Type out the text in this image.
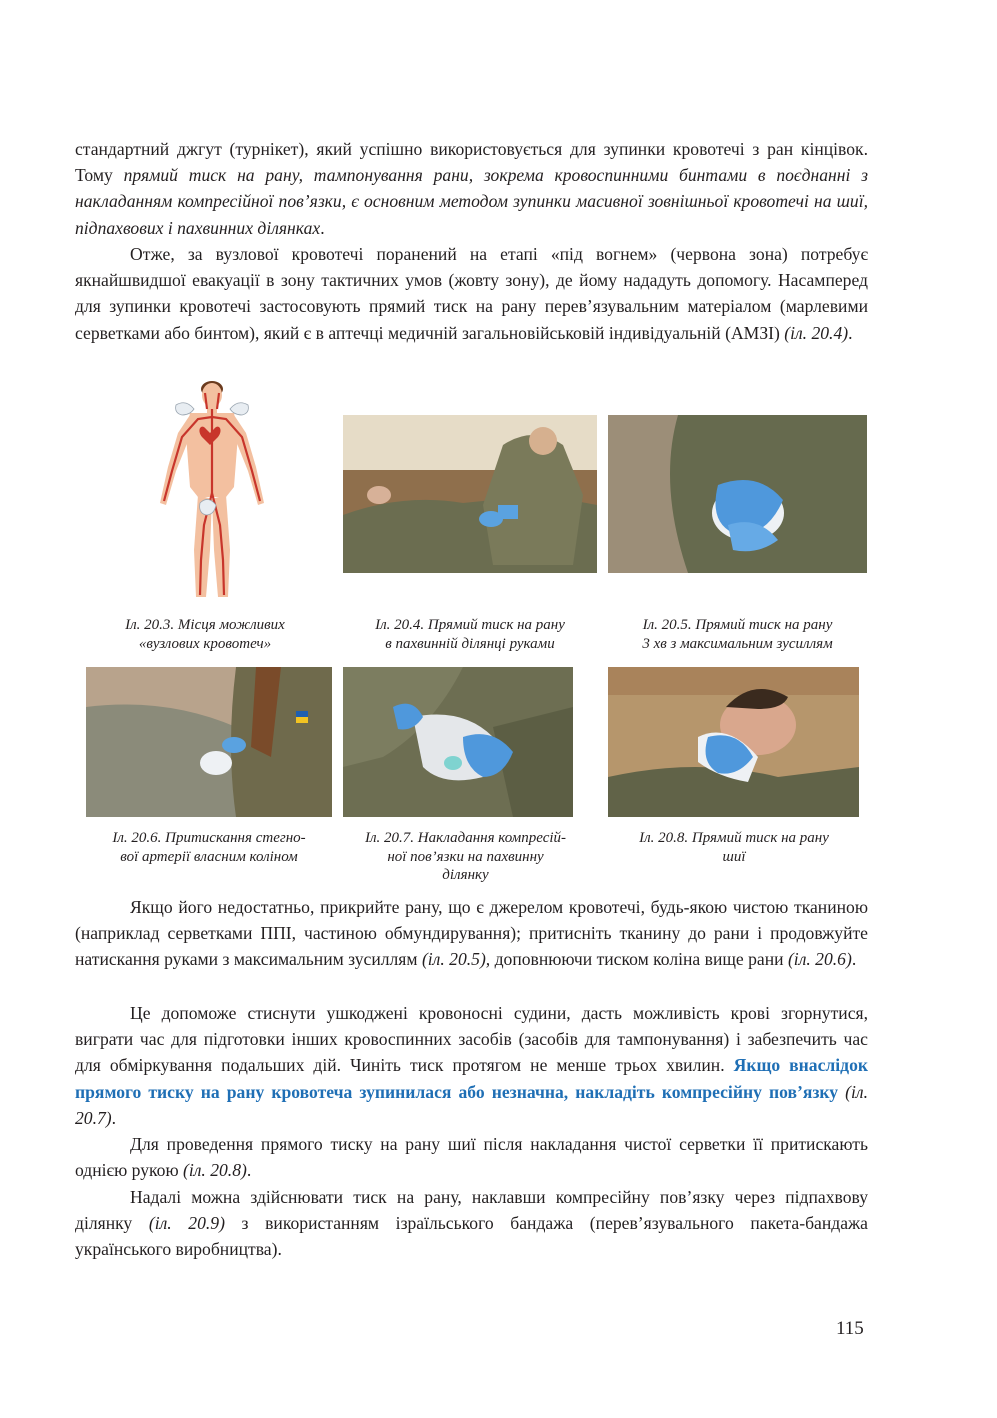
стандартний джгут (турнікет), який успішно використовується для зупинки кровотечі з ран кінцівок. Тому прямий тиск на рану, тампонування рани, зокрема кровоспинними бинтами в поєднанні з накладанням компресійної пов’язки, є основним методом зупинки масивної зовнішньої кровотечі на шиї, підпахвових і пахвинних ділянках.

Отже, за вузлової кровотечі поранений на етапі «під вогнем» (червона зона) потребує якнайшвидшої евакуації в зону тактичних умов (жовту зону), де йому нададуть допомогу. Насамперед для зупинки кровотечі застосовують прямий тиск на рану перев’язувальним матеріалом (марлевими серветками або бинтом), який є в аптечці медичній загальновійськовій індивідуальній (АМЗІ) (іл. 20.4).

Іл. 20.3. Місця можливих
«вузлових кровотеч»

Іл. 20.4. Прямий тиск на рану
в пахвинній ділянці руками

Іл. 20.5. Прямий тиск на рану
3 хв з максимальним зусиллям

Іл. 20.6. Притискання стегно-
вої артерії власним коліном

Іл. 20.7. Накладання компресій-
ної пов’язки на пахвинну
ділянку

Іл. 20.8. Прямий тиск на рану
шиї

Якщо його недостатньо, прикрийте рану, що є джерелом кровотечі, будь-якою чистою тканиною (наприклад серветками ППІ, частиною обмундирування); притисніть тканину до рани і продовжуйте натискання руками з максимальним зусиллям (іл. 20.5), доповнюючи тиском коліна вище рани (іл. 20.6).

Це допоможе стиснути ушкоджені кровоносні судини, дасть можливість крові згорнутися, виграти час для підготовки інших кровоспинних засобів (засобів для тампонування) і забезпечить час для обміркування подальших дій. Чиніть тиск протягом не менше трьох хвилин. Якщо внаслідок прямого тиску на рану кровотеча зупинилася або незначна, накладіть компресійну пов’язку (іл. 20.7).

Для проведення прямого тиску на рану шиї після накладання чистої серветки її притискають однією рукою (іл. 20.8).

Надалі можна здійснювати тиск на рану, наклавши компресійну пов’язку через підпахвову ділянку (іл. 20.9) з використанням ізраїльського бандажа (перев’язувального пакета-бандажа українського виробництва).

115
